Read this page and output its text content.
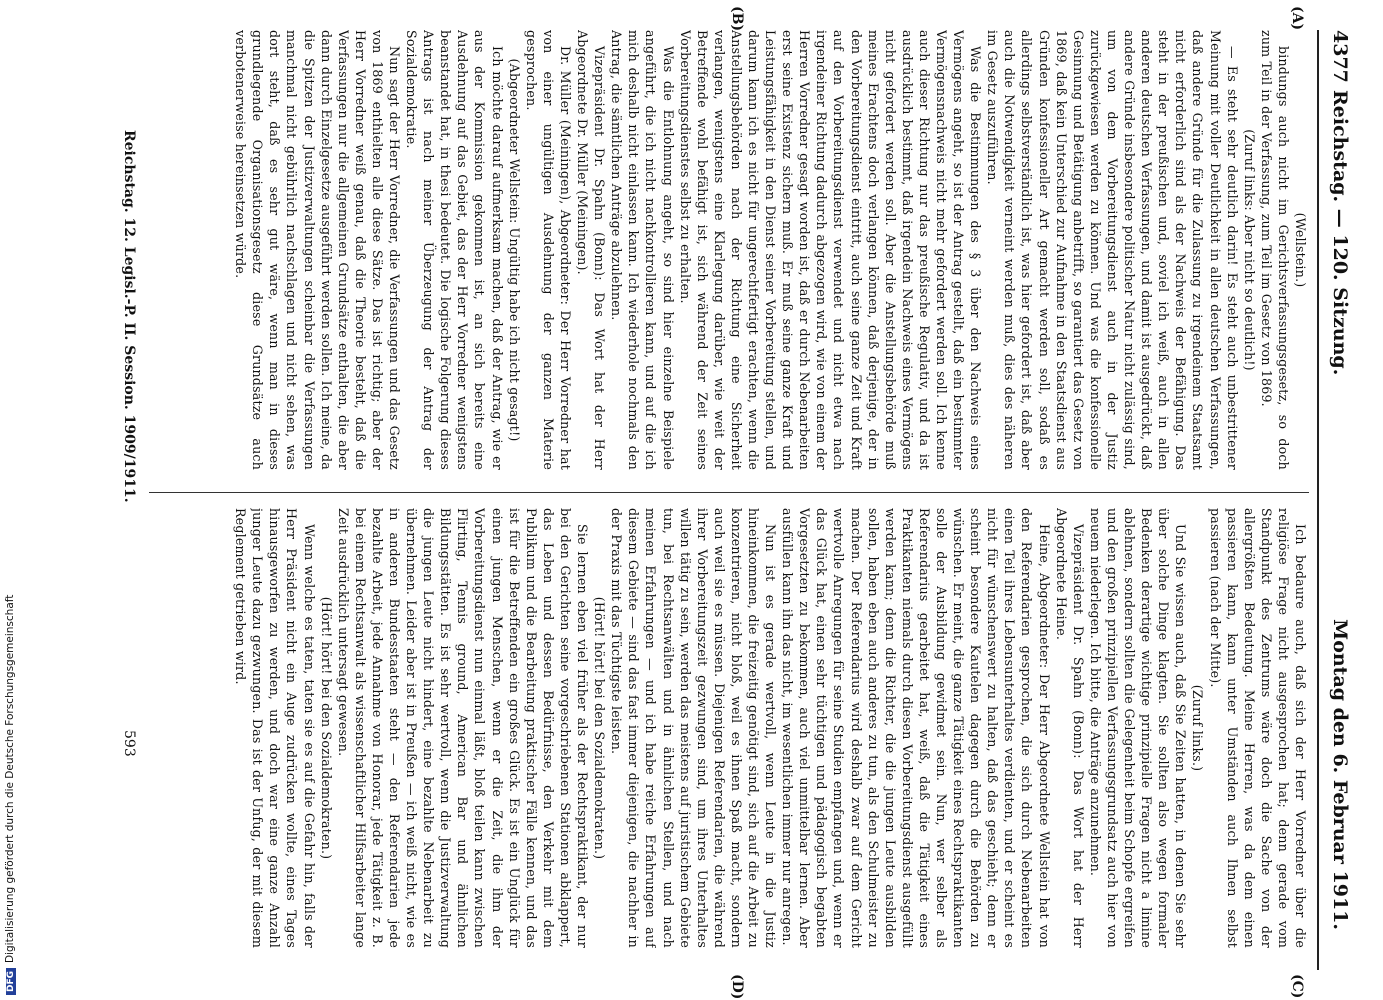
4377
Montag den 6. Februar 1911.
Reichstag. — 120. Sitzung.
(A)
(B)
(C)
(D)

Ich bedaure auch, daß sich der Herr Vorredner über die religiöse Frage nicht ausgesprochen hat; denn gerade vom Standpunkt des Zentrums wäre doch die Sache von der allergrößten Bedeutung. Meine Herren, was da dem einen passieren kann, kann unter Umständen auch Ihnen selbst passieren (nach der Mitte).

(Zuruf links.)

Und Sie wissen auch, daß Sie Zeiten hatten, in denen Sie sehr über solche Dinge klagten. Sie sollten also wegen formaler Bedenken derartige wichtige prinzipielle Fragen nicht a limine ablehnen, sondern sollten die Gelegenheit beim Schopfe ergreifen und den großen prinzipiellen Verfassungsgrundsatz auch hier von neuem niederlegen. Ich bitte, die Anträge anzunehmen.

Vizepräsident Dr. Spahn (Bonn): Das Wort hat der Herr Abgeordnete Heine.

Heine, Abgeordneter: Der Herr Abgeordnete Wellstein hat von den Referendarien gesprochen, die sich durch Nebenarbeiten einen Teil ihres Lebensunterhaltes verdienten, und er scheint es nicht für wünschenswert zu halten, daß das geschieht; denn er scheint besondere Kautelen dagegen durch die Behörden zu wünschen. Er meint, die ganze Tätigkeit eines Rechtspraktikanten solle der Ausbildung gewidmet sein. Nun, wer selber als Referendarius gearbeitet hat, weiß, daß die Tätigkeit eines Praktikanten niemals durch diesen Vorbereitungsdienst ausgefüllt werden kann; denn die Richter, die die jungen Leute ausbilden sollen, haben eben auch anderes zu tun, als den Schulmeister zu machen. Der Referendarius wird deshalb zwar auf dem Gericht wertvolle Anregungen für seine Studien empfangen und, wenn er das Glück hat, einen sehr tüchtigen und pädagogisch begabten Vorgesetzten zu bekommen, auch viel unmittelbar lernen. Aber ausfüllen kann ihn das nicht, im wesentlichen immer nur anregen.

Nun ist es gerade wertvoll, wenn Leute in die Justiz hineinkommen, die freizeitig genötigt sind, sich auf die Arbeit zu konzentrieren, nicht bloß, weil es ihnen Spaß macht, sondern auch weil sie es müssen. Diejenigen Referendarien, die während ihrer Vorbereitungszeit gezwungen sind, um ihres Unterhaltes willen tätig zu sein, werden das meistens auf juristischem Gebiete tun, bei Rechtsanwälten und in ähnlichen Stellen, und nach meinen Erfahrungen — und ich habe reiche Erfahrungen auf diesem Gebiete — sind das fast immer diejenigen, die nachher in der Praxis mit das Tüchtigste leisten.

(Hört! hört! bei den Sozialdemokraten.)

Sie lernen eben viel früher als der Rechtspraktikant, der nur bei den Gerichten seine vorgeschriebenen Stationen abklappert, das Leben und dessen Bedürfnisse, den Verkehr mit dem Publikum und die Bearbeitung praktischer Fälle kennen, und das ist für die Betreffenden ein großes Glück. Es ist ein Unglück für einen jungen Menschen, wenn er die Zeit, die ihm der Vorbereitungsdienst nun einmal läßt, bloß teilen kann zwischen Flirting, Tennis ground, American Bar und ähnlichen Bildungsstätten. Es ist sehr wertvoll, wenn die Justizverwaltung die jungen Leute nicht hindert, eine bezahlte Nebenarbeit zu übernehmen. Leider aber ist in Preußen — ich weiß nicht, wie es in anderen Bundesstaaten steht — den Referendarien jede bezahlte Arbeit, jede Annahme von Honorar, jede Tätigkeit z. B. bei einem Rechtsanwalt als wissenschaftlicher Hilfsarbeiter lange Zeit ausdrücklich untersagt gewesen.

(Hört! hört! bei den Sozialdemokraten.)

Wenn welche es taten, taten sie es auf die Gefahr hin, falls der Herr Präsident nicht ein Auge zudrücken wollte, eines Tages hinausgeworfen zu werden, und doch war eine ganze Anzahl junger Leute dazu gezwungen. Das ist der Unfug, der mit diesem Reglement getrieben wird.

(Wellstein.)

bindungs auch nicht im Gerichtsverfassungsgesetz, so doch zum Teil in der Verfassung, zum Teil im Gesetz von 1869.

(Zuruf links: Aber nicht so deutlich!)

— Es steht sehr deutlich darin! Es steht auch unbestrittener Meinung mit voller Deutlichkeit in allen deutschen Verfassungen, daß andere Gründe für die Zulassung zu irgendeinem Staatsamt nicht erforderlich sind als der Nachweis der Befähigung. Das steht in der preußischen und, soviel ich weiß, auch in allen anderen deutschen Verfassungen, und damit ist ausgedrückt, daß andere Gründe insbesondere politischer Natur nicht zulässig sind, um von dem Vorbereitungsdienst auch in der Justiz zurückgewiesen werden zu können. Und was die konfessionelle Gesinnung und Betätigung anbetrifft, so garantiert das Gesetz von 1869, daß kein Unterschied zur Aufnahme in den Staatsdienst aus Gründen konfessioneller Art gemacht werden soll, sodaß es allerdings selbstverständlich ist, was hier gefordert ist, daß aber auch die Notwendigkeit verneint werden muß, dies des näheren im Gesetz auszuführen.

Was die Bestimmungen des § 3 über den Nachweis eines Vermögens angeht, so ist der Antrag gestellt, daß ein bestimmter Vermögensnachweis nicht mehr gefordert werden soll. Ich kenne auch dieser Richtung nur das preußische Regulativ, und da ist ausdrücklich bestimmt, daß irgendein Nachweis eines Vermögens nicht gefordert werden soll. Aber die Anstellungsbehörde muß meines Erachtens doch verlangen können, daß derjenige, der in den Vorbereitungsdienst eintritt, auch seine ganze Zeit und Kraft auf den Vorbereitungsdienst verwendet und nicht etwa nach irgendeiner Richtung dadurch abgezogen wird, wie von einem der Herren Vorredner gesagt worden ist, daß er durch Nebenarbeiten erst seine Existenz sichern muß. Er muß seine ganze Kraft und Leistungsfähigkeit in den Dienst seiner Vorbereitung stellen, und darum kann ich es nicht für ungerechtfertigt erachten, wenn die Anstellungsbehörden nach der Richtung eine Sicherheit verlangen, wenigstens eine Klarlegung darüber, wie weit der Betreffende wohl befähigt ist, sich während der Zeit seines Vorbereitungsdienstes selbst zu erhalten.

Was die Entlohnung angeht, so sind hier einzelne Beispiele angeführt, die ich nicht nachkontrollieren kann, und auf die ich mich deshalb nicht einlassen kann. Ich wiederhole nochmals den Antrag, die sämtlichen Anträge abzulehnen.

Vizepräsident Dr. Spahn (Bonn): Das Wort hat der Herr Abgeordnete Dr. Müller (Meiningen).

Dr. Müller (Meiningen), Abgeordneter: Der Herr Vorredner hat von einer ungültigen Ausdehnung der ganzen Materie gesprochen.

(Abgeordneter Wellstein: Ungültig habe ich nicht gesagt!)

Ich möchte darauf aufmerksam machen, daß der Antrag, wie er aus der Kommission gekommen ist, an sich bereits eine Ausdehnung auf das Gebiet, das der Herr Vorredner wenigstens beanstandet hat, in thesi bedeutet. Die logische Folgerung dieses Antrags ist nach meiner Überzeugung der Antrag der Sozialdemokratie.

Nun sagt der Herr Vorredner, die Verfassungen und das Gesetz von 1869 enthielten alle diese Sätze. Das ist richtig; aber der Herr Vorredner weiß genau, daß die Theorie besteht, daß die Verfassungen nur die allgemeinen Grundsätze enthalten, die aber dann durch Einzelgesetze ausgeführt werden sollen. Ich meine, da die Spitzen der Justizverwaltungen scheinbar die Verfassungen manchmal nicht gebührlich nachschlagen und nicht sehen, was dort steht, daß es sehr gut wäre, wenn man in dieses grundlegende Organisationsgesetz diese Grundsätze auch verbotenerweise hereinsetzen würde.

Reichstag. 12. Legisl.-P. II. Session. 1909/1911.
593
DFGDigitalisierung gefördert durch die Deutsche Forschungsgemeinschaft
